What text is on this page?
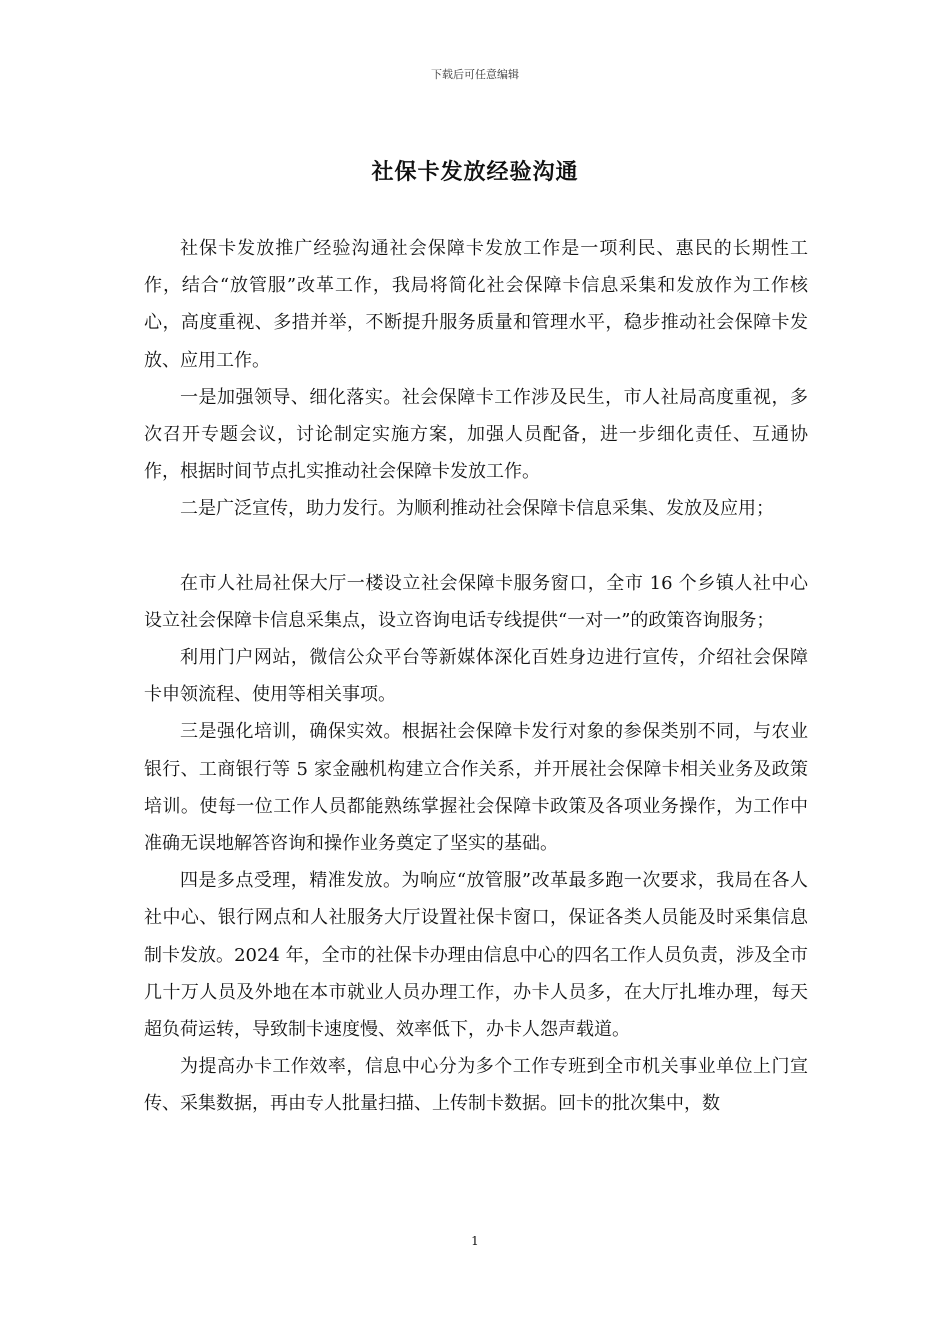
下载后可任意编辑
社保卡发放经验沟通

社保卡发放推广经验沟通社会保障卡发放工作是一项利民、惠民的长期性工作，结合“放管服”改革工作，我局将简化社会保障卡信息采集和发放作为工作核心，高度重视、多措并举，不断提升服务质量和管理水平，稳步推动社会保障卡发放、应用工作。

一是加强领导、细化落实。社会保障卡工作涉及民生，市人社局高度重视，多次召开专题会议，讨论制定实施方案，加强人员配备，进一步细化责任、互通协作，根据时间节点扎实推动社会保障卡发放工作。

二是广泛宣传，助力发行。为顺利推动社会保障卡信息采集、发放及应用；

在市人社局社保大厅一楼设立社会保障卡服务窗口，全市 16 个乡镇人社中心设立社会保障卡信息采集点，设立咨询电话专线提供“一对一”的政策咨询服务；

利用门户网站，微信公众平台等新媒体深化百姓身边进行宣传，介绍社会保障卡申领流程、使用等相关事项。

三是强化培训，确保实效。根据社会保障卡发行对象的参保类别不同，与农业银行、工商银行等 5 家金融机构建立合作关系，并开展社会保障卡相关业务及政策培训。使每一位工作人员都能熟练掌握社会保障卡政策及各项业务操作，为工作中准确无误地解答咨询和操作业务奠定了坚实的基础。

四是多点受理，精准发放。为响应“放管服”改革最多跑一次要求，我局在各人社中心、银行网点和人社服务大厅设置社保卡窗口，保证各类人员能及时采集信息制卡发放。2024 年，全市的社保卡办理由信息中心的四名工作人员负责，涉及全市几十万人员及外地在本市就业人员办理工作，办卡人员多，在大厅扎堆办理，每天超负荷运转，导致制卡速度慢、效率低下，办卡人怨声载道。

为提高办卡工作效率，信息中心分为多个工作专班到全市机关事业单位上门宣传、采集数据，再由专人批量扫描、上传制卡数据。回卡的批次集中，数

1
